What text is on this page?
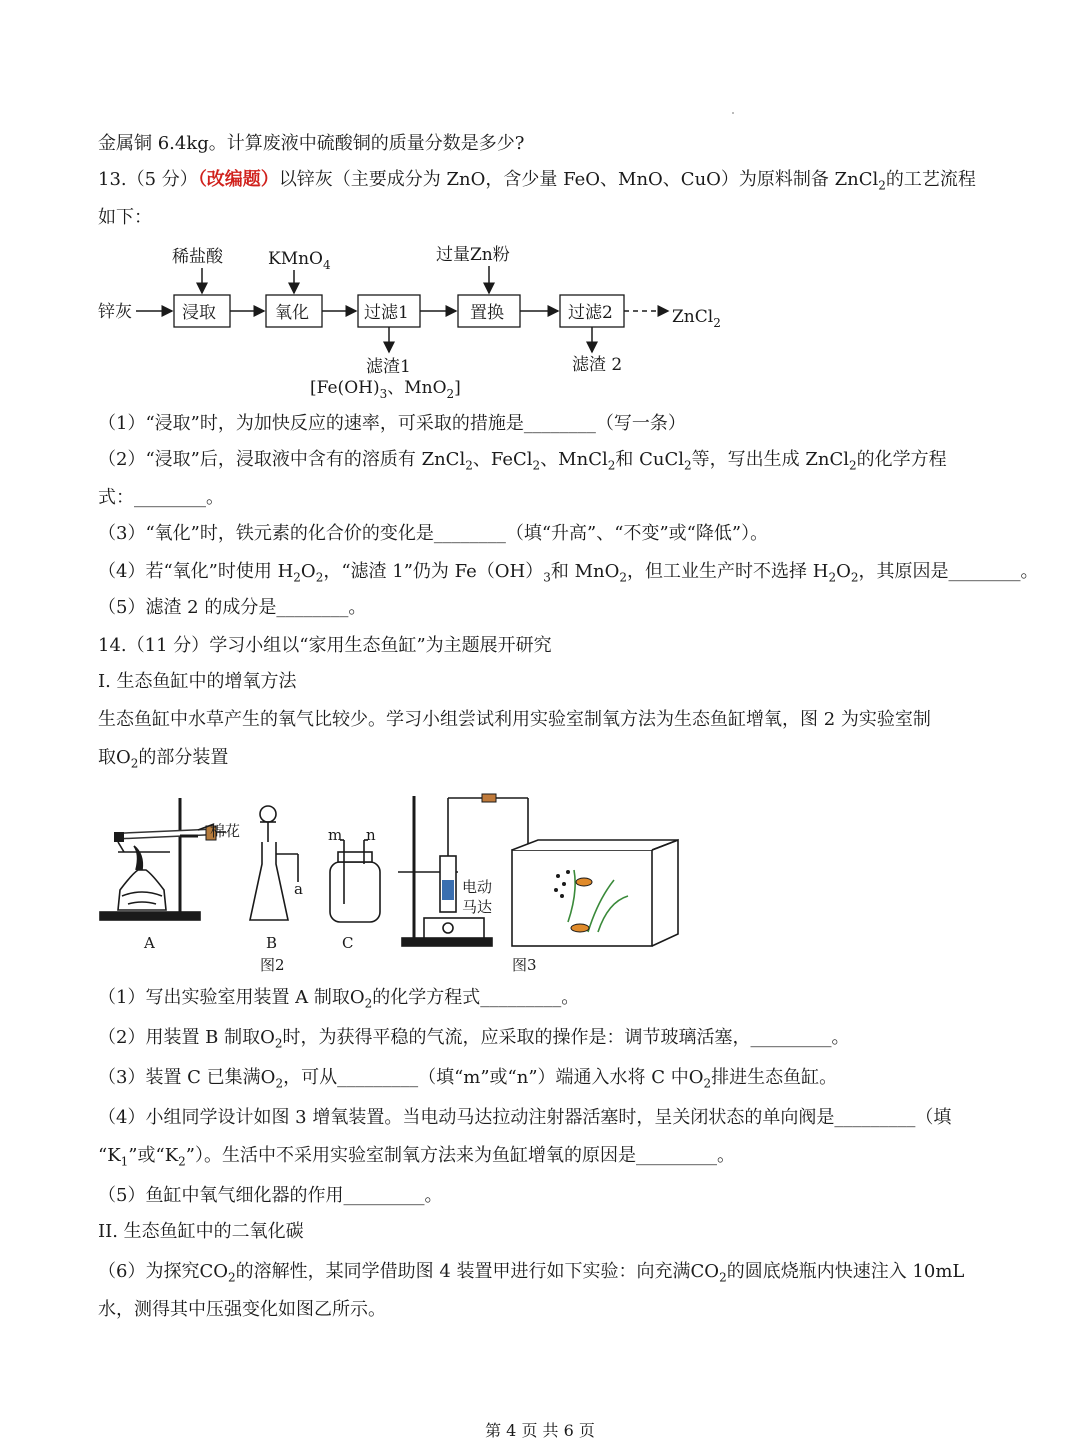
金属铜 6.4kg。计算废液中硫酸铜的质量分数是多少?

13.（5 分）（改编题）以锌灰（主要成分为 ZnO，含少量 FeO、MnO、CuO）为原料制备 ZnCl$_2$的工艺流程

如下：

锌灰	浸取	氧化	过滤1	置换	过滤2	ZnCl$_2$
稀盐酸	KMnO$_4$	过量Zn粉
滤渣1
[$Fe(OH)_3$、MnO$_2$]
滤渣 2

（1）“浸取”时，为加快反应的速率，可采取的措施是________（写一条）

（2）“浸取”后，浸取液中含有的溶质有 ZnCl$_2$、FeCl$_2$、MnCl$_2$和 CuCl$_2$等，写出生成 ZnCl$_2$的化学方程

式：________。

（3）“氧化”时，铁元素的化合价的变化是________（填“升高”、“不变”或“降低”）。

（4）若“氧化”时使用 $H_2O_2$，“滤渣 1”仍为 $Fe(OH)_3$和 MnO$_2$，但工业生产时不选择 $H_2O_2$，其原因是________。

（5）滤渣 2 的成分是________。

14.（11 分）学习小组以“家用生态鱼缸”为主题展开研究

I. 生态鱼缸中的增氧方法

生态鱼缸中水草产生的氧气比较少。学习小组尝试利用实验室制氧方法为生态鱼缸增氧，图 2 为实验室制

取$O_2$的部分装置

棉花
a
m n
电动
马达
A	B	C
图2	图3

（1）写出实验室用装置 A 制取$O_2$的化学方程式_________。

（2）用装置 B 制取$O_2$时，为获得平稳的气流，应采取的操作是：调节玻璃活塞，_________。

（3）装置 C 已集满$O_2$，可从_________（填“m”或“n”）端通入水将 C 中$O_2$排进生态鱼缸。

（4）小组同学设计如图 3 增氧装置。当电动马达拉动注射器活塞时，呈关闭状态的单向阀是_________（填

“$K_1$”或“$K_2$”）。生活中不采用实验室制氧方法来为鱼缸增氧的原因是_________。

（5）鱼缸中氧气细化器的作用_________。

II. 生态鱼缸中的二氧化碳

（6）为探究$CO_2$的溶解性，某同学借助图 4 装置甲进行如下实验：向充满$CO_2$的圆底烧瓶内快速注入 10mL

水，测得其中压强变化如图乙所示。

第 4 页 共 6 页
